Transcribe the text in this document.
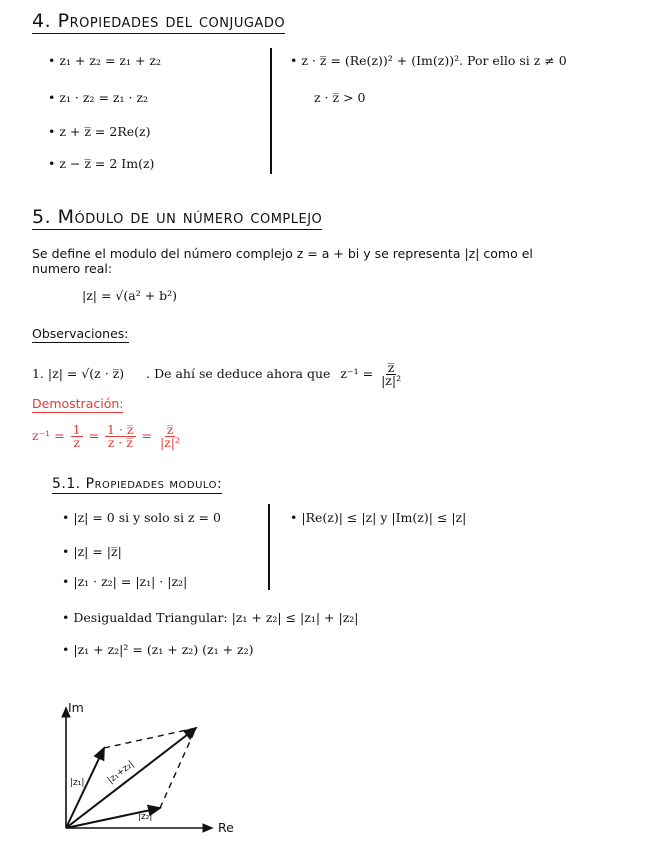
4. Propiedades del conjugado
• z₁ + z₂ = z₁ + z₂
• z₁ · z₂ = z₁ · z₂
• z + z̅ = 2Re(z)
• z − z̅ = 2 Im(z)
• z · z̅ = (Re(z))² + (Im(z))². Por ello si z ≠ 0
z · z̅ > 0
5. Módulo de un número complejo
Se define el modulo del número complejo z = a + bi y se representa |z| como el
numero real:
|z| = √(a² + b²)
Observaciones:
1. |z| = √(z · z̅) . De ahí se deduce ahora que $z^{-1} = \frac{z̅}{\text{|z|²}}$
Demostración:
$z^{-1} = \frac{1}{z} = \frac{1 \cdot z̅}{z \cdot z̅} = \frac{z̅}{\text{|z|²}}$
5.1. Propiedades modulo:
• |z| = 0 si y solo si z = 0
• |z| = |z̅|
• |z₁ · z₂| = |z₁| · |z₂|
• |Re(z)| ≤ |z| y |Im(z)| ≤ |z|
• Desigualdad Triangular: |z₁ + z₂| ≤ |z₁| + |z₂|
• |z₁ + z₂|² = (z₁ + z₂) (z₁ + z₂)
Im
Re
|z₁|
|z₂|
|z₁+z₂|
